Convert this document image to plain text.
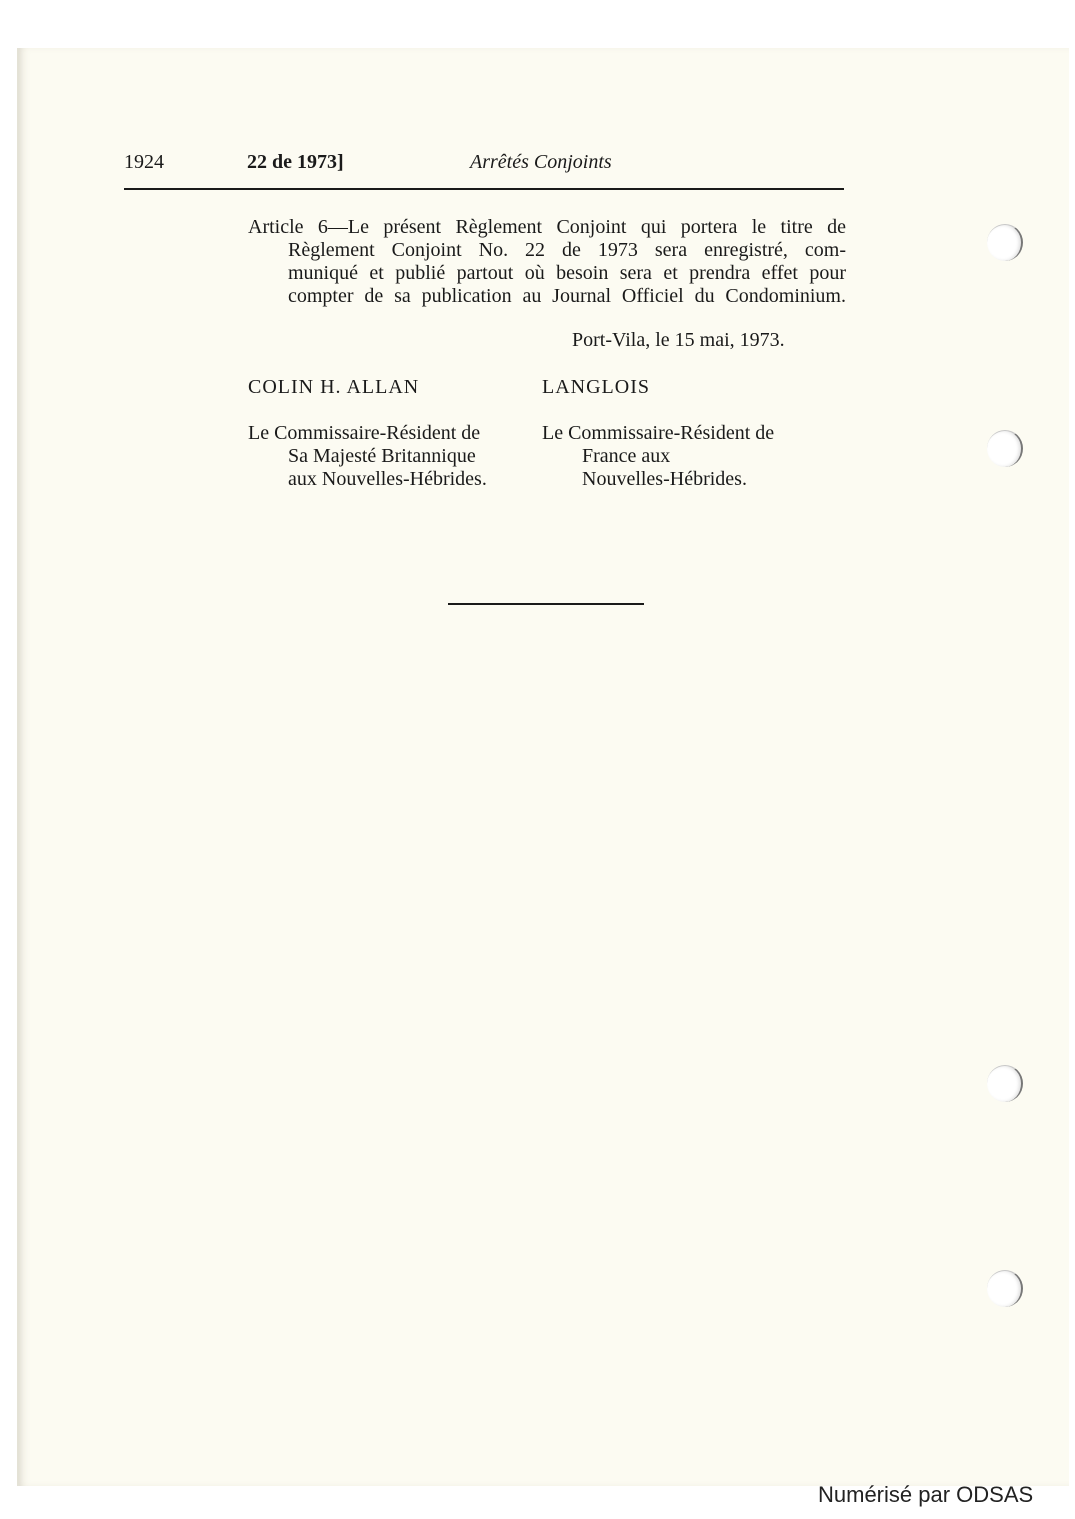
1924	22 de 1973]	Arrêtés Conjoints
Article 6—Le présent Règlement Conjoint qui portera le titre de
Règlement Conjoint No. 22 de 1973 sera enregistré, com-
muniqué et publié partout où besoin sera et prendra effet pour
compter de sa publication au Journal Officiel du Condominium.
Port-Vila, le 15 mai, 1973.
COLIN H. ALLAN	LANGLOIS
Le Commissaire-Résident de
Sa Majesté Britannique
aux Nouvelles-Hébrides.
Le Commissaire-Résident de
France aux
Nouvelles-Hébrides.
Numérisé par ODSAS
